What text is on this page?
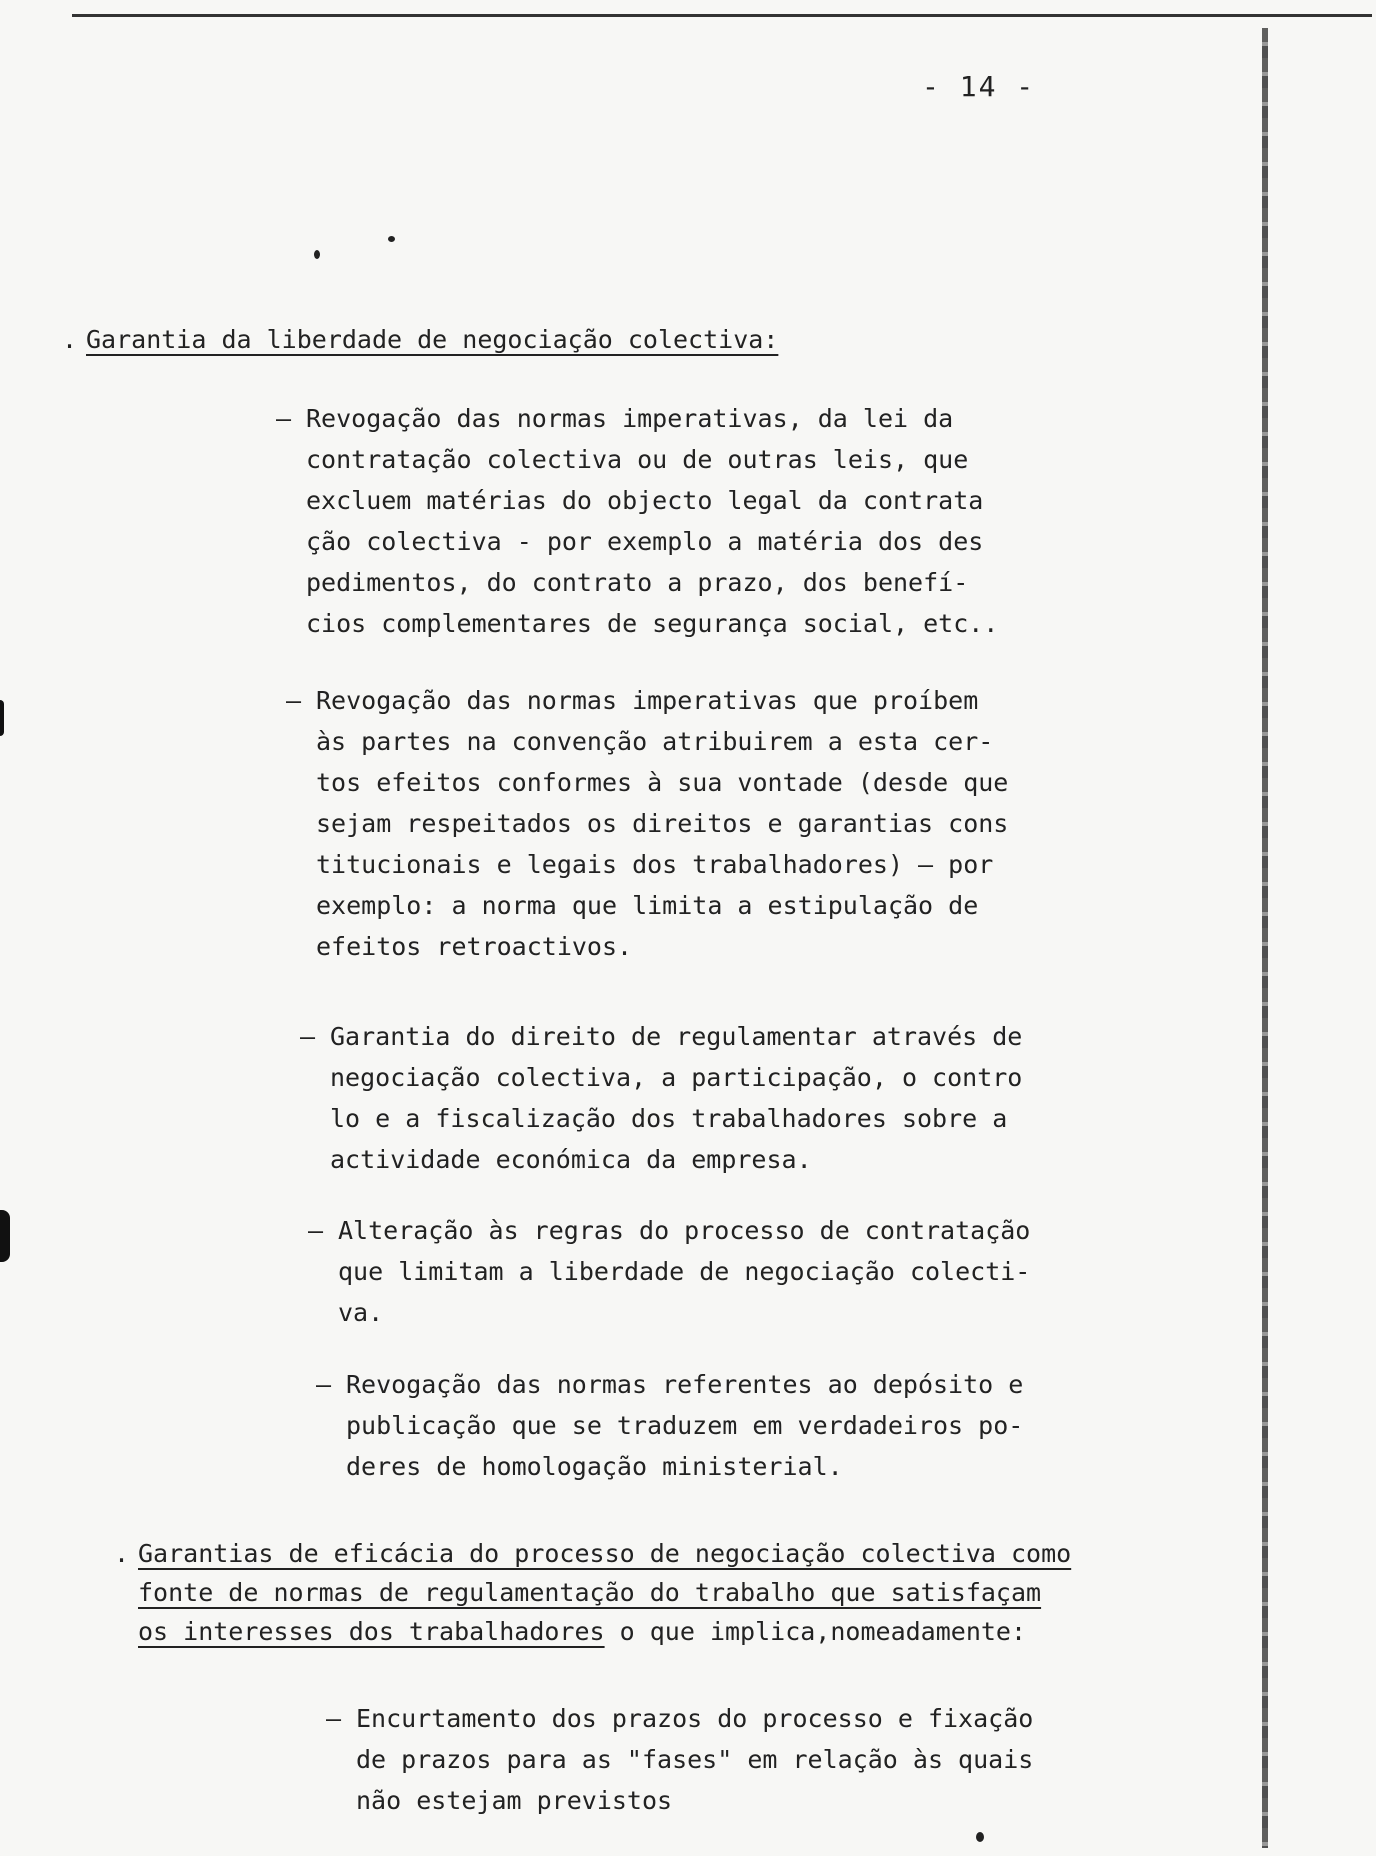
- 14 -
. Garantia da liberdade de negociação colectiva:
– Revogação das normas imperativas, da lei da
contratação colectiva ou de outras leis, que
excluem matérias do objecto legal da contrata
ção colectiva - por exemplo a matéria dos des
pedimentos, do contrato a prazo, dos benefí-
cios complementares de segurança social, etc..
– Revogação das normas imperativas que proíbem
às partes na convenção atribuirem a esta cer-
tos efeitos conformes à sua vontade (desde que
sejam respeitados os direitos e garantias cons
titucionais e legais dos trabalhadores) — por
exemplo: a norma que limita a estipulação de
efeitos retroactivos.
– Garantia do direito de regulamentar através de
negociação colectiva, a participação, o contro
lo e a fiscalização dos trabalhadores sobre a
actividade económica da empresa.
– Alteração às regras do processo de contratação
que limitam a liberdade de negociação colecti-
va.
– Revogação das normas referentes ao depósito e
publicação que se traduzem em verdadeiros po-
deres de homologação ministerial.
. Garantias de eficácia do processo de negociação colectiva como
fonte de normas de regulamentação do trabalho que satisfaçam
os interesses dos trabalhadores o que implica,nomeadamente:
– Encurtamento dos prazos do processo e fixação
de prazos para as "fases" em relação às quais
não estejam previstos
